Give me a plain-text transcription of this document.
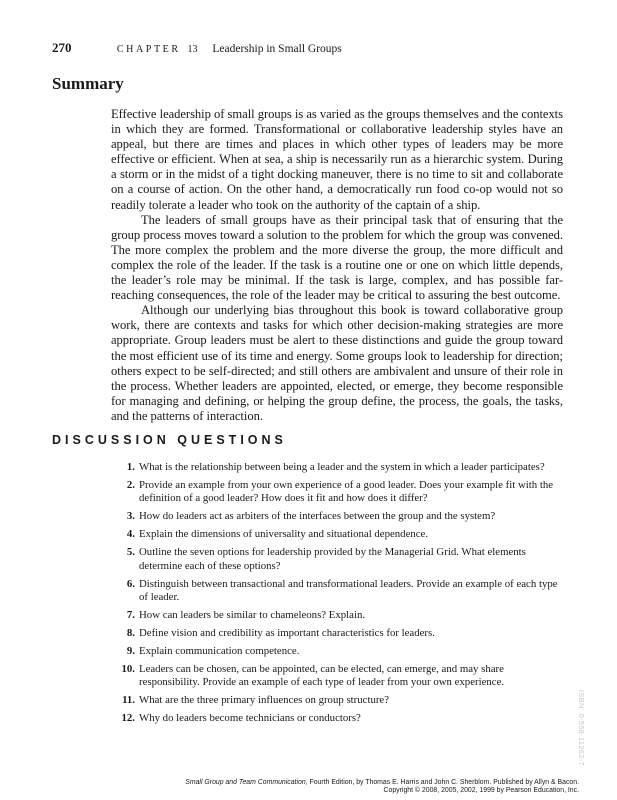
270	CHAPTER 13 Leadership in Small Groups
Summary

Effective leadership of small groups is as varied as the groups themselves and the contexts in which they are formed. Transformational or collaborative leadership styles have an appeal, but there are times and places in which other types of leaders may be more effective or efficient. When at sea, a ship is necessarily run as a hierarchic system. During a storm or in the midst of a tight docking maneuver, there is no time to sit and collaborate on a course of action. On the other hand, a democratically run food co-op would not so readily tolerate a leader who took on the authority of the captain of a ship.

The leaders of small groups have as their principal task that of ensuring that the group process moves toward a solution to the problem for which the group was convened. The more complex the problem and the more diverse the group, the more difficult and complex the role of the leader. If the task is a routine one or one on which little depends, the leader’s role may be minimal. If the task is large, complex, and has possible far-reaching consequences, the role of the leader may be critical to assuring the best outcome.

Although our underlying bias throughout this book is toward collaborative group work, there are contexts and tasks for which other decision-making strategies are more appropriate. Group leaders must be alert to these distinctions and guide the group toward the most efficient use of its time and energy. Some groups look to leadership for direction; others expect to be self-directed; and still others are ambivalent and unsure of their role in the process. Whether leaders are appointed, elected, or emerge, they become responsible for managing and defining, or helping the group define, the process, the goals, the tasks, and the patterns of interaction.

DISCUSSION QUESTIONS
1. What is the relationship between being a leader and the system in which a leader participates?
2. Provide an example from your own experience of a good leader. Does your example fit with the definition of a good leader? How does it fit and how does it differ?
3. How do leaders act as arbiters of the interfaces between the group and the system?
4. Explain the dimensions of universality and situational dependence.
5. Outline the seven options for leadership provided by the Managerial Grid. What elements determine each of these options?
6. Distinguish between transactional and transformational leaders. Provide an example of each type of leader.
7. How can leaders be similar to chameleons? Explain.
8. Define vision and credibility as important characteristics for leaders.
9. Explain communication competence.
10. Leaders can be chosen, can be appointed, can be elected, can emerge, and may share responsibility. Provide an example of each type of leader from your own experience.
11. What are the three primary influences on group structure?
12. Why do leaders become technicians or conductors?	ISBN: 0-558-11262-7
Small Group and Team Communication, Fourth Edition, by Thomas E. Harris and John C. Sherblom. Published by Allyn & Bacon.
Copyright © 2008, 2005, 2002, 1999 by Pearson Education, Inc.
